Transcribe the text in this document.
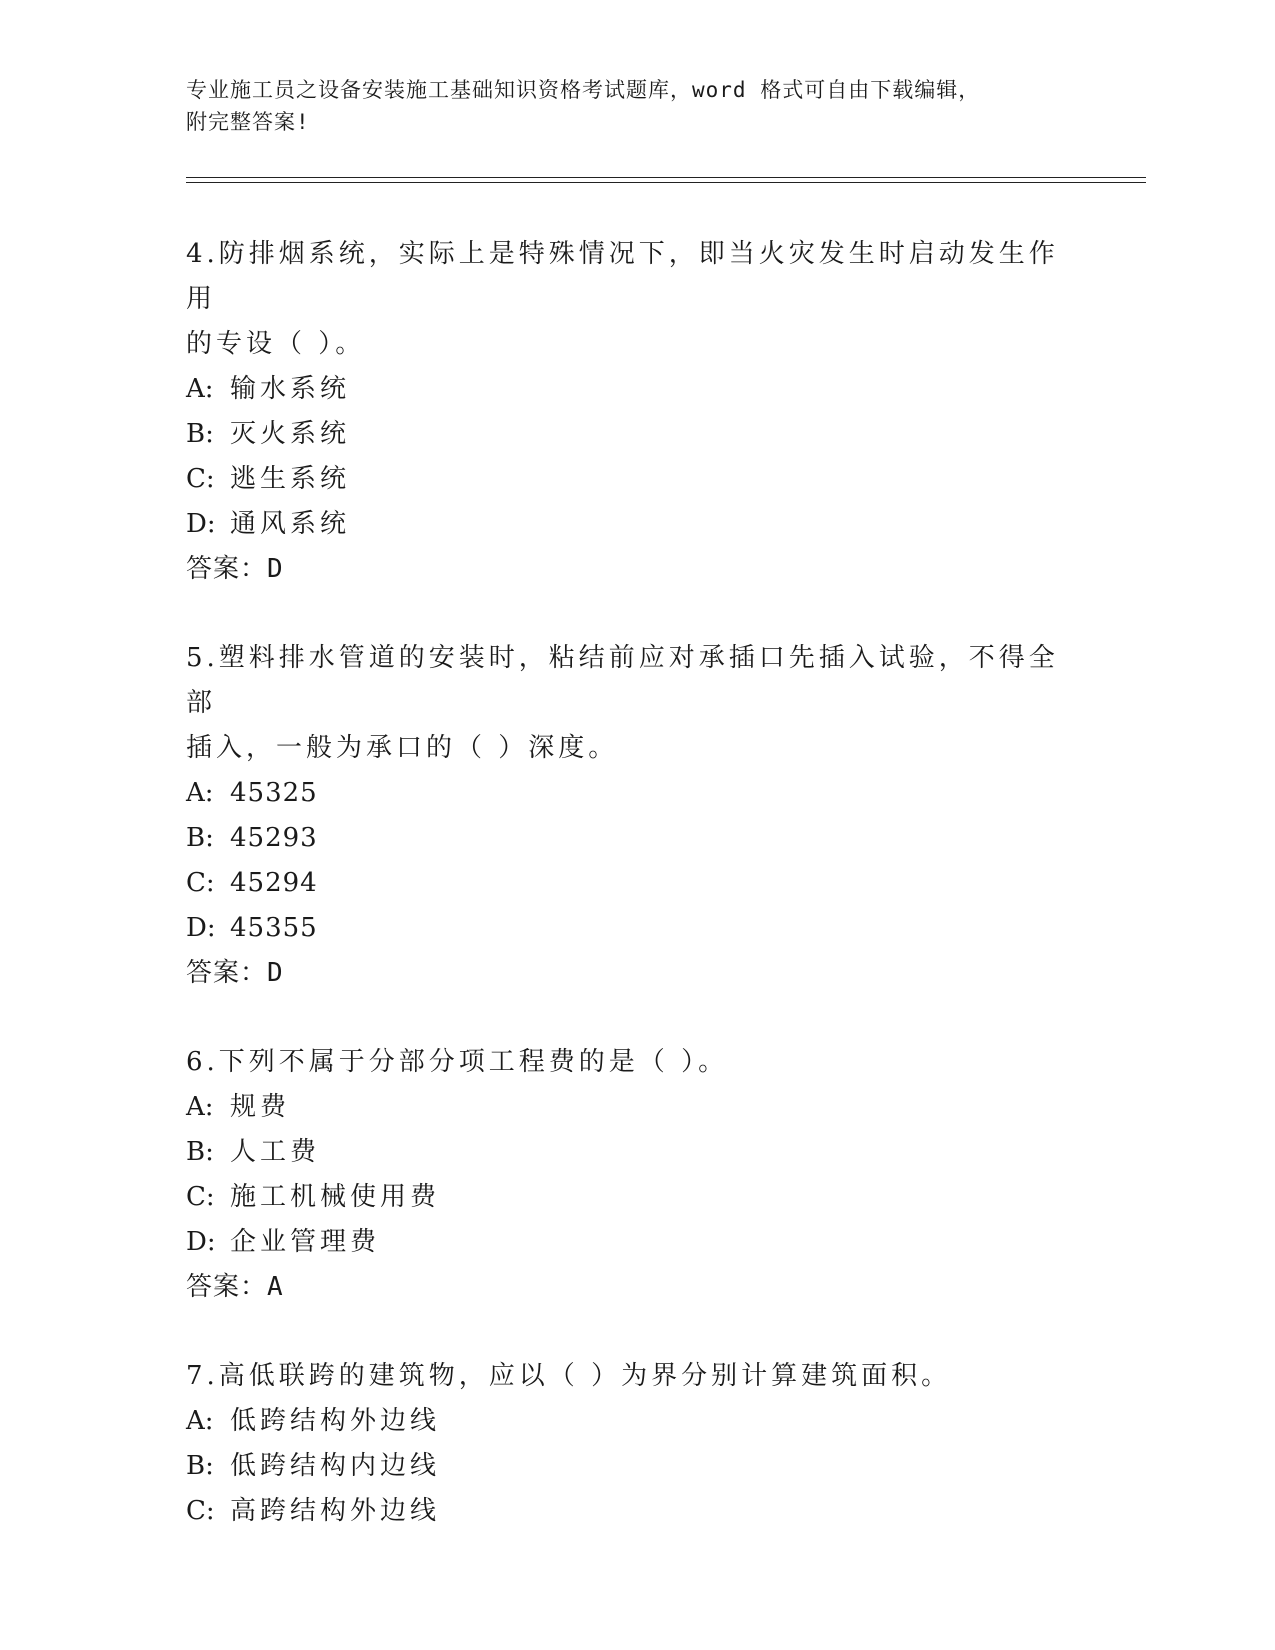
专业施工员之设备安装施工基础知识资格考试题库，word 格式可自由下载编辑，
附完整答案!

4.防排烟系统，实际上是特殊情况下，即当火灾发生时启动发生作用

的专设（ ）。

A: 输水系统

B: 灭火系统

C: 逃生系统

D: 通风系统

答案：D

5.塑料排水管道的安装时，粘结前应对承插口先插入试验，不得全部

插入，一般为承口的（ ）深度。

A: 45325

B: 45293

C: 45294

D: 45355

答案：D

6.下列不属于分部分项工程费的是（ ）。

A: 规费

B: 人工费

C: 施工机械使用费

D: 企业管理费

答案：A

7.高低联跨的建筑物，应以（ ）为界分别计算建筑面积。

A: 低跨结构外边线

B: 低跨结构内边线

C: 高跨结构外边线
